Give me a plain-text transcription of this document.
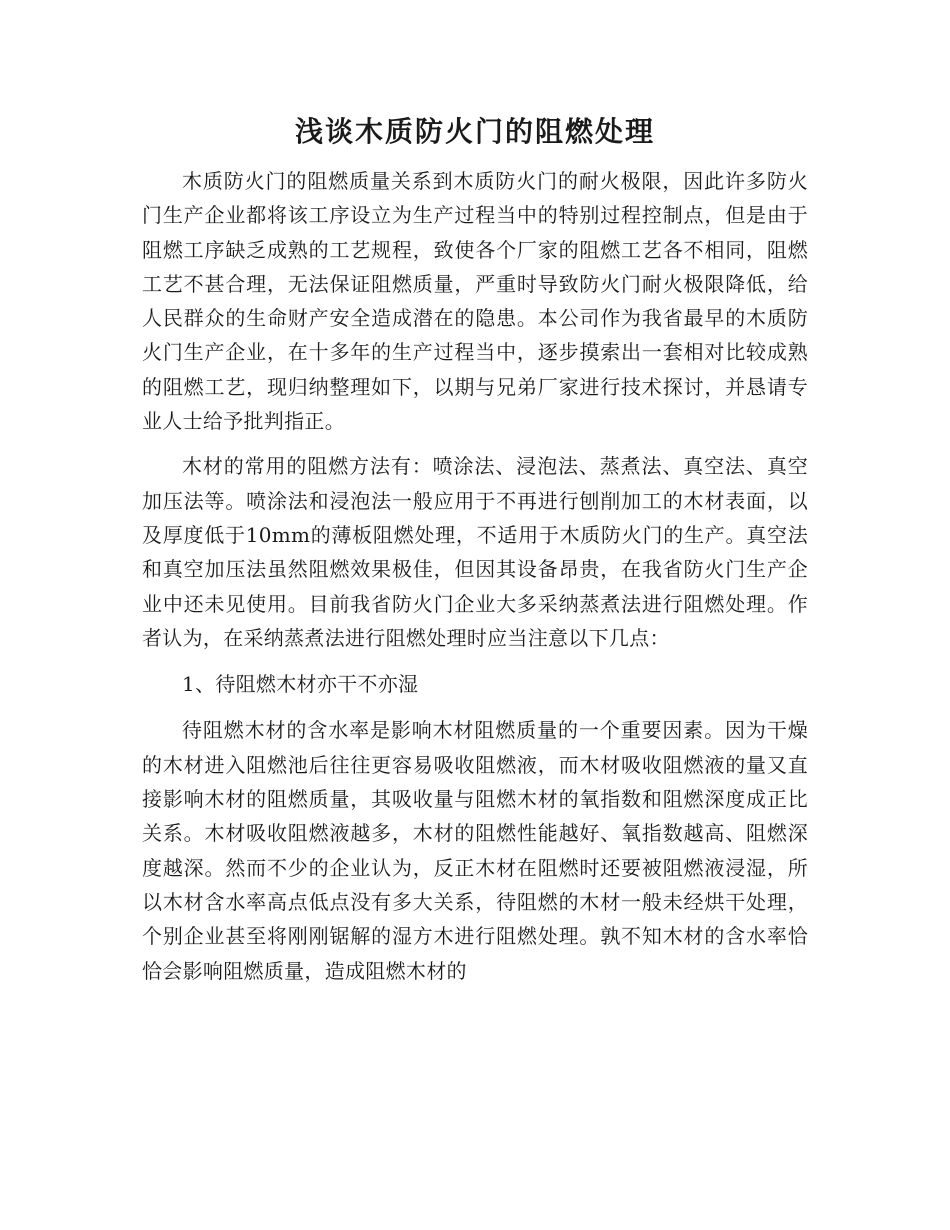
浅谈木质防火门的阻燃处理

木质防火门的阻燃质量关系到木质防火门的耐火极限，因此许多防火门生产企业都将该工序设立为生产过程当中的特别过程控制点，但是由于阻燃工序缺乏成熟的工艺规程，致使各个厂家的阻燃工艺各不相同，阻燃工艺不甚合理，无法保证阻燃质量，严重时导致防火门耐火极限降低，给人民群众的生命财产安全造成潜在的隐患。本公司作为我省最早的木质防火门生产企业，在十多年的生产过程当中，逐步摸索出一套相对比较成熟的阻燃工艺，现归纳整理如下，以期与兄弟厂家进行技术探讨，并恳请专业人士给予批判指正。

木材的常用的阻燃方法有：喷涂法、浸泡法、蒸煮法、真空法、真空加压法等。喷涂法和浸泡法一般应用于不再进行刨削加工的木材表面，以及厚度低于10mm的薄板阻燃处理，不适用于木质防火门的生产。真空法和真空加压法虽然阻燃效果极佳，但因其设备昂贵，在我省防火门生产企业中还未见使用。目前我省防火门企业大多采纳蒸煮法进行阻燃处理。作者认为，在采纳蒸煮法进行阻燃处理时应当注意以下几点：

1、待阻燃木材亦干不亦湿

待阻燃木材的含水率是影响木材阻燃质量的一个重要因素。因为干燥的木材进入阻燃池后往往更容易吸收阻燃液，而木材吸收阻燃液的量又直接影响木材的阻燃质量，其吸收量与阻燃木材的氧指数和阻燃深度成正比关系。木材吸收阻燃液越多，木材的阻燃性能越好、氧指数越高、阻燃深度越深。然而不少的企业认为，反正木材在阻燃时还要被阻燃液浸湿，所以木材含水率高点低点没有多大关系，待阻燃的木材一般未经烘干处理，个别企业甚至将刚刚锯解的湿方木进行阻燃处理。孰不知木材的含水率恰恰会影响阻燃质量，造成阻燃木材的
